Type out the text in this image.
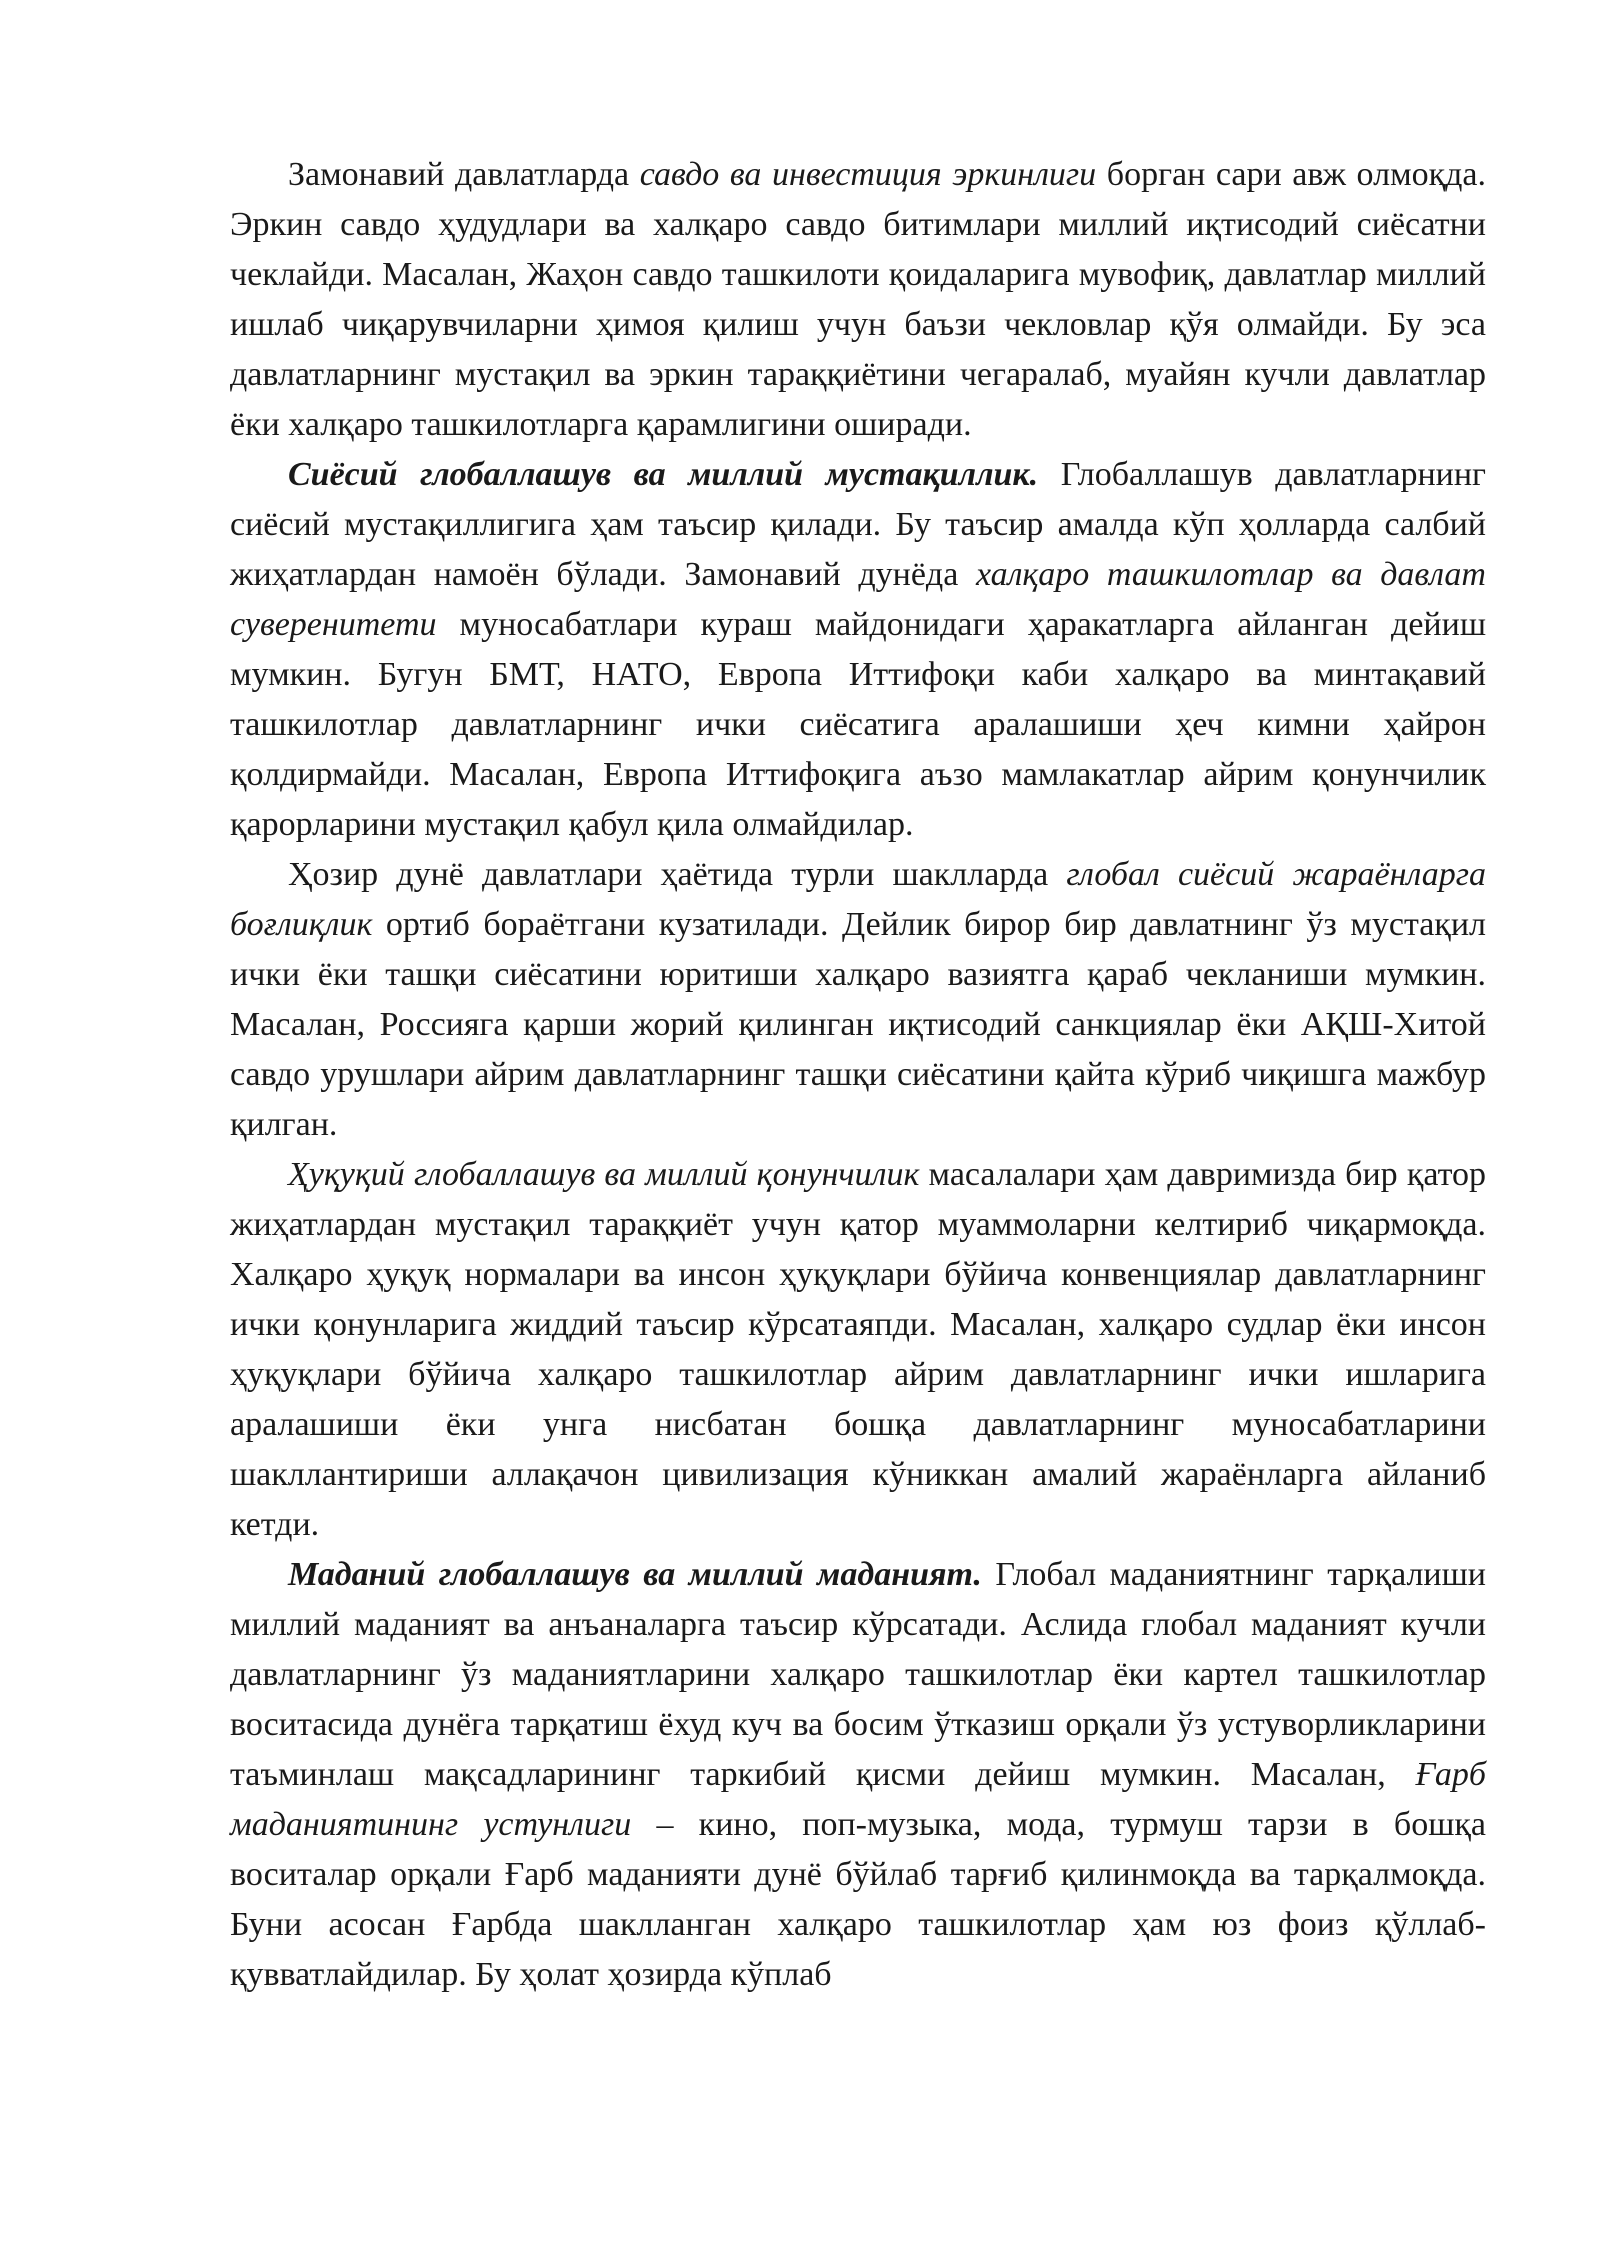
Замонавий давлатларда савдо ва инвестиция эркинлиги борган сари авж олмоқда. Эркин савдо ҳудудлари ва халқаро савдо битимлари миллий иқтисодий сиёсатни чеклайди. Масалан, Жаҳон савдо ташкилоти қоидаларига мувофиқ, давлатлар миллий ишлаб чиқарувчиларни ҳимоя қилиш учун баъзи чекловлар қўя олмайди. Бу эса давлатларнинг мустақил ва эркин тараққиётини чегаралаб, муайян кучли давлатлар ёки халқаро ташкилотларга қарамлигини оширади.

Сиёсий глобаллашув ва миллий мустақиллик. Глобаллашув давлатларнинг сиёсий мустақиллигига ҳам таъсир қилади. Бу таъсир амалда кўп ҳолларда салбий жиҳатлардан намоён бўлади. Замонавий дунёда халқаро ташкилотлар ва давлат суверенитети муносабатлари кураш майдонидаги ҳаракатларга айланган дейиш мумкин. Бугун БМТ, НАТО, Европа Иттифоқи каби халқаро ва минтақавий ташкилотлар давлатларнинг ички сиёсатига аралашиши ҳеч кимни ҳайрон қолдирмайди. Масалан, Европа Иттифоқига аъзо мамлакатлар айрим қонунчилик қарорларини мустақил қабул қила олмайдилар.

Ҳозир дунё давлатлари ҳаётида турли шаклларда глобал сиёсий жараёнларга боғлиқлик ортиб бораётгани кузатилади. Дейлик бирор бир давлатнинг ўз мустақил ички ёки ташқи сиёсатини юритиши халқаро вазиятга қараб чекланиши мумкин. Масалан, Россияга қарши жорий қилинган иқтисодий санкциялар ёки АҚШ-Хитой савдо урушлари айрим давлатларнинг ташқи сиёсатини қайта кўриб чиқишга мажбур қилган.

Ҳуқуқий глобаллашув ва миллий қонунчилик масалалари ҳам давримизда бир қатор жиҳатлардан мустақил тараққиёт учун қатор муаммоларни келтириб чиқармоқда. Халқаро ҳуқуқ нормалари ва инсон ҳуқуқлари бўйича конвенциялар давлатларнинг ички қонунларига жиддий таъсир кўрсатаяпди. Масалан, халқаро судлар ёки инсон ҳуқуқлари бўйича халқаро ташкилотлар айрим давлатларнинг ички ишларига аралашиши ёки унга нисбатан бошқа давлатларнинг муносабатларини шакллантириши аллақачон цивилизация кўниккан амалий жараёнларга айланиб кетди.

Маданий глобаллашув ва миллий маданият. Глобал маданиятнинг тарқалиши миллий маданият ва анъаналарга таъсир кўрсатади. Аслида глобал маданият кучли давлатларнинг ўз маданиятларини халқаро ташкилотлар ёки картел ташкилотлар воситасида дунёга тарқатиш ёхуд куч ва босим ўтказиш орқали ўз устуворликларини таъминлаш мақсадларининг таркибий қисми дейиш мумкин. Масалан, Ғарб маданиятининг устунлиги – кино, поп-музыка, мода, турмуш тарзи в бошқа воситалар орқали Ғарб маданияти дунё бўйлаб тарғиб қилинмоқда ва тарқалмоқда. Буни асосан Ғарбда шаклланган халқаро ташкилотлар ҳам юз фоиз қўллаб-қувватлайдилар. Бу ҳолат ҳозирда кўплаб
